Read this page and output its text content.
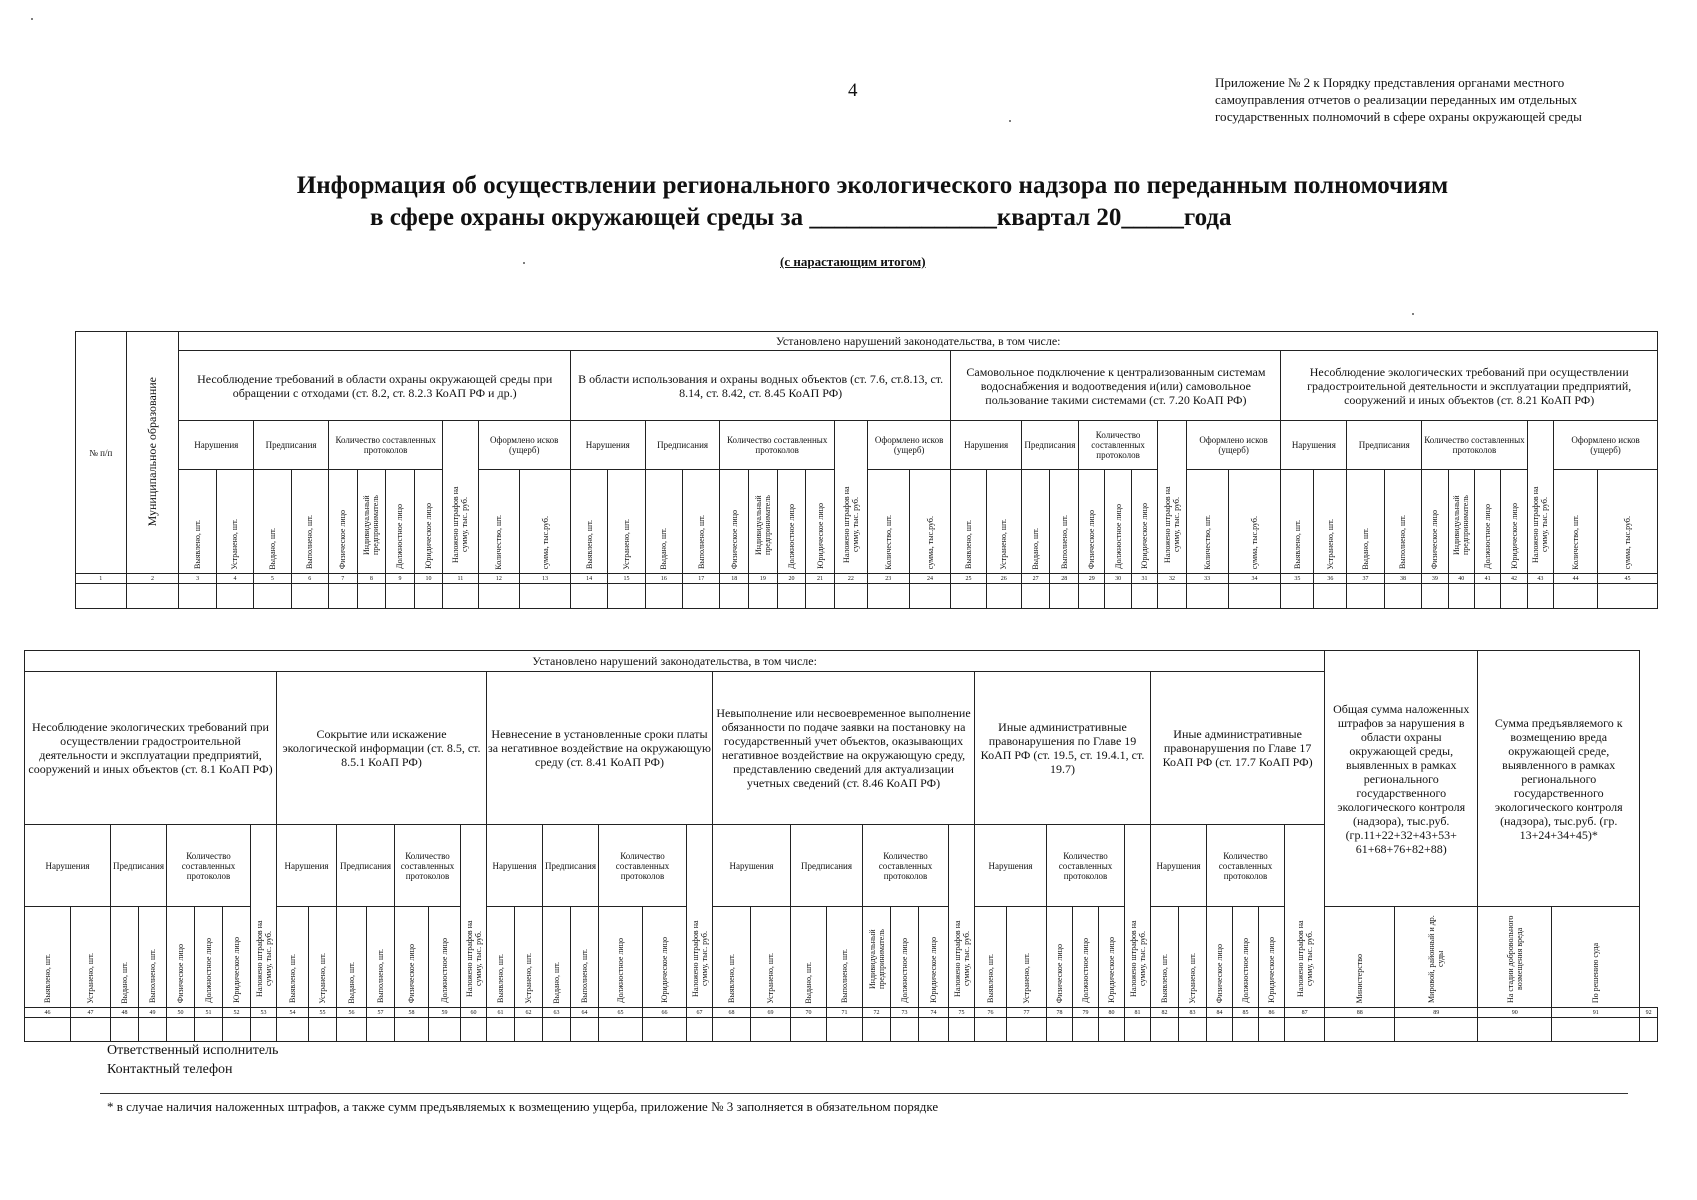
4	Приложение № 2 к Порядку представления органами местного самоуправления отчетов о реализации переданных им отдельных государственных полномочий в сфере охраны окружающей среды
Информация об осуществлении регионального экологического надзора по переданным полномочиям
в сфере охраны окружающей среды за _______________квартал 20_____года
(с нарастающим итогом)
№ п/п	Муниципальное образование	Установлено нарушений законодательства, в том числе:																																										
		Несоблюдение требований в области охраны окружающей среды при обращении с отходами (ст. 8.2, ст. 8.2.3 КоАП РФ и др.)											В области использования и охраны водных объектов (ст. 7.6, ст.8.13, ст. 8.14, ст. 8.42, ст. 8.45 КоАП РФ)											Самовольное подключение к централизованным системам водоснабжения и водоотведения и(или) самовольное пользование такими системами (ст. 7.20 КоАП РФ)										Несоблюдение экологических требований при осуществлении градостроительной деятельности и эксплуатации предприятий, сооружений и иных объектов (ст. 8.21 КоАП РФ)										
		Нарушения		Предписания		Количество составленных протоколов				Наложено штрафов на сумму, тыс. руб.	Оформлено исков (ущерб)		Нарушения		Предписания		Количество составленных протоколов				Наложено штрафов на сумму, тыс. руб.	Оформлено исков (ущерб)		Нарушения		Предписания		Количество составленных протоколов			Наложено штрафов на сумму, тыс. руб.	Оформлено исков (ущерб)		Нарушения		Предписания		Количество составленных протоколов				Наложено штрафов на сумму, тыс. руб.	Оформлено исков (ущерб)	
		Выявлено, шт.	Устранено, шт.	Выдано, шт.	Выполнено, шт.	Физическое лицо	Индивидуальный предприниматель	Должностное лицо	Юридическое лицо		Количество, шт.	сумма, тыс.руб.	Выявлено, шт.	Устранено, шт.	Выдано, шт.	Выполнено, шт.	Физическое лицо	Индивидуальный предприниматель	Должностное лицо	Юридическое лицо		Количество, шт.	сумма, тыс.руб.	Выявлено, шт.	Устранено, шт.	Выдано, шт.	Выполнено, шт.	Физическое лицо	Должностное лицо	Юридическое лицо		Количество, шт.	сумма, тыс.руб.	Выявлено, шт.	Устранено, шт.	Выдано, шт.	Выполнено, шт.	Физическое лицо	Индивидуальный предприниматель	Должностное лицо	Юридическое лицо		Количество, шт.	сумма, тыс.руб.
1	2	3	4	5	6	7	8	9	10	11	12	13	14	15	16	17	18	19	20	21	22	23	24	25	26	27	28	29	30	31	32	33	34	35	36	37	38	39	40	41	42	43	44	45

Установлено нарушений законодательства, в том числе:																																										Общая сумма наложенных штрафов за нарушения в области охраны окружающей среды, выявленных в рамках регионального государственного экологического контроля (надзора), тыс.руб. (гр.11+22+32+43+53+ 61+68+76+82+88)		Сумма предъявляемого к возмещению вреда окружающей среде, выявленного в рамках регионального государственного экологического контроля (надзора), тыс.руб. (гр. 13+24+34+45)*		
Несоблюдение экологических требований при осуществлении градостроительной деятельности и эксплуатации предприятий, сооружений и иных объектов (ст. 8.1 КоАП РФ)								Сокрытие или искажение экологической информации (ст. 8.5, ст. 8.5.1 КоАП РФ)							Невнесение в установленные сроки платы за негативное воздействие на окружающую среду (ст. 8.41 КоАП РФ)							Невыполнение или несвоевременное выполнение обязанности по подаче заявки на постановку на государственный учет объектов, оказывающих негативное воздействие на окружающую среду, представлению сведений для актуализации учетных сведений (ст. 8.46 КоАП РФ)								Иные административные правонарушения по Главе 19 КоАП РФ (ст. 19.5, ст. 19.4.1, ст. 19.7)						Иные административные правонарушения по Главе 17 КоАП РФ (ст. 17.7 КоАП РФ)										
Нарушения		Предписания		Количество составленных протоколов			Наложено штрафов на сумму, тыс. руб.	Нарушения		Предписания		Количество составленных протоколов		Наложено штрафов на сумму, тыс. руб.	Нарушения		Предписания		Количество составленных протоколов		Наложено штрафов на сумму, тыс. руб.	Нарушения		Предписания		Количество составленных протоколов			Наложено штрафов на сумму, тыс. руб.	Нарушения		Количество составленных протоколов			Наложено штрафов на сумму, тыс. руб.	Нарушения		Количество составленных протоколов			Наложено штрафов на сумму, тыс. руб.					
Выявлено, шт.	Устранено, шт.	Выдано, шт.	Выполнено, шт.	Физическое лицо	Должностное лицо	Юридическое лицо		Выявлено, шт.	Устранено, шт.	Выдано, шт.	Выполнено, шт.	Физическое лицо	Должностное лицо		Выявлено, шт.	Устранено, шт.	Выдано, шт.	Выполнено, шт.	Должностное лицо	Юридическое лицо		Выявлено, шт.	Устранено, шт.	Выдано, шт.	Выполнено, шт.	Индивидуальный предприниматель	Должностное лицо	Юридическое лицо		Выявлено, шт.	Устранено, шт.	Физическое лицо	Должностное лицо	Юридическое лицо		Выявлено, шт.	Устранено, шт.	Физическое лицо	Должностное лицо	Юридическое лицо		Министерство	Мировой, районный и др. суды	На стадии добровольного возмещения вреда	По решению суда	
46	47	48	49	50	51	52	53	54	55	56	57	58	59	60	61	62	63	64	65	66	67	68	69	70	71	72	73	74	75	76	77	78	79	80	81	82	83	84	85	86	87	88	89	90	91	92

Ответственный исполнитель
Контактный телефон
* в случае наличия наложенных штрафов, а также сумм предъявляемых к возмещению ущерба, приложение № 3 заполняется в обязательном порядке
